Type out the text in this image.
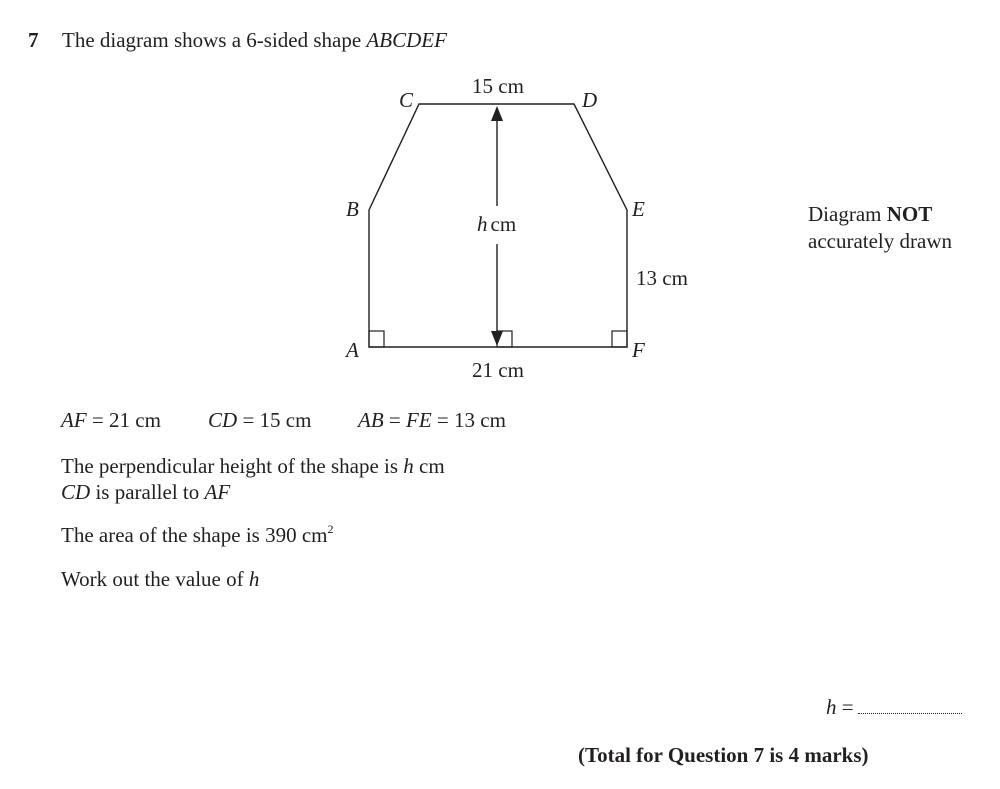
7 The diagram shows a 6-sided shape ABCDEF
C	D
B	E
A	F
15 cm
21 cm
13 cm
h cm	Diagram NOT
accurately drawn
AF = 21 cm CD = 15 cm AB = FE = 13 cm
The perpendicular height of the shape is h cm
CD is parallel to AF
The area of the shape is 390 $cm^2$
Work out the value of h
h =
(Total for Question 7 is 4 marks)
